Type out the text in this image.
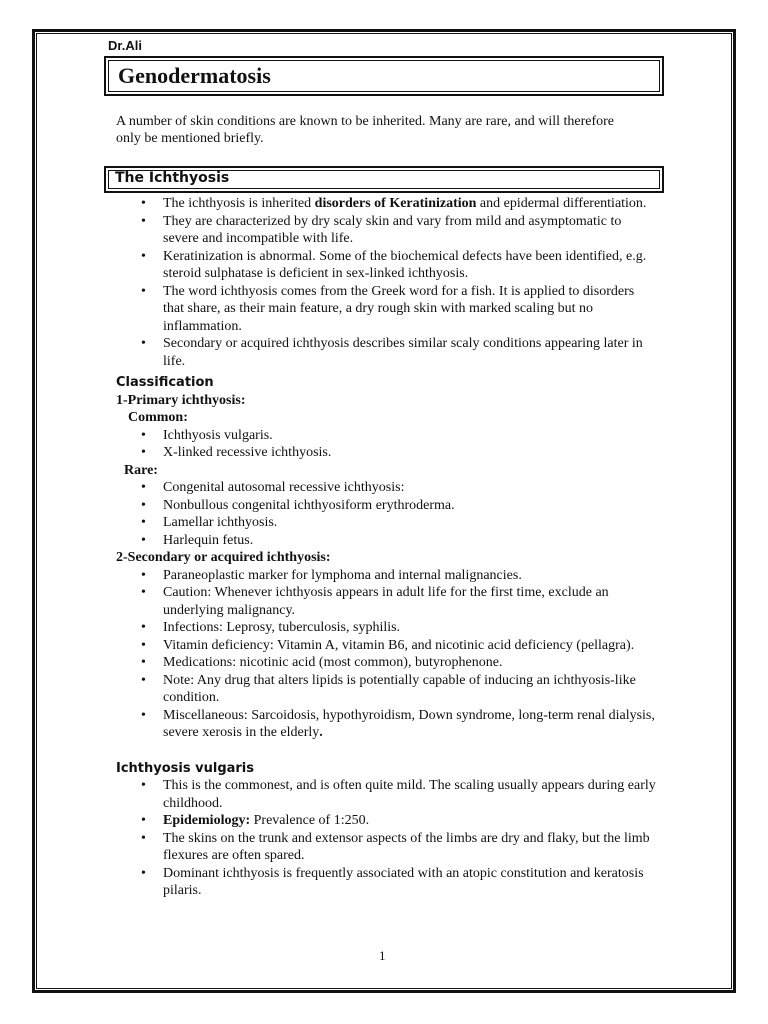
Dr.Ali
Genodermatosis
A number of skin conditions are known to be inherited. Many are rare, and will therefore only be mentioned briefly.
The Ichthyosis
• The ichthyosis is inherited disorders of Keratinization and epidermal differentiation.
• They are characterized by dry scaly skin and vary from mild and asymptomatic to severe and incompatible with life.
• Keratinization is abnormal. Some of the biochemical defects have been identified, e.g. steroid sulphatase is deficient in sex-linked ichthyosis.
• The word ichthyosis comes from the Greek word for a fish. It is applied to disorders that share, as their main feature, a dry rough skin with marked scaling but no inflammation.
• Secondary or acquired ichthyosis describes similar scaly conditions appearing later in life.
Classification
1-Primary ichthyosis:
Common:
• Ichthyosis vulgaris.
• X-linked recessive ichthyosis.
Rare:
• Congenital autosomal recessive ichthyosis:
• Nonbullous congenital ichthyosiform erythroderma.
• Lamellar ichthyosis.
• Harlequin fetus.
2-Secondary or acquired ichthyosis:
• Paraneoplastic marker for lymphoma and internal malignancies.
• Caution: Whenever ichthyosis appears in adult life for the first time, exclude an underlying malignancy.
• Infections: Leprosy, tuberculosis, syphilis.
• Vitamin deficiency: Vitamin A, vitamin B6, and nicotinic acid deficiency (pellagra).
• Medications: nicotinic acid (most common), butyrophenone.
• Note: Any drug that alters lipids is potentially capable of inducing an ichthyosis-like condition.
• Miscellaneous: Sarcoidosis, hypothyroidism, Down syndrome, long-term renal dialysis, severe xerosis in the elderly.
Ichthyosis vulgaris
• This is the commonest, and is often quite mild. The scaling usually appears during early childhood.
• Epidemiology: Prevalence of 1:250.
• The skins on the trunk and extensor aspects of the limbs are dry and flaky, but the limb flexures are often spared.
• Dominant ichthyosis is frequently associated with an atopic constitution and keratosis pilaris.
1
